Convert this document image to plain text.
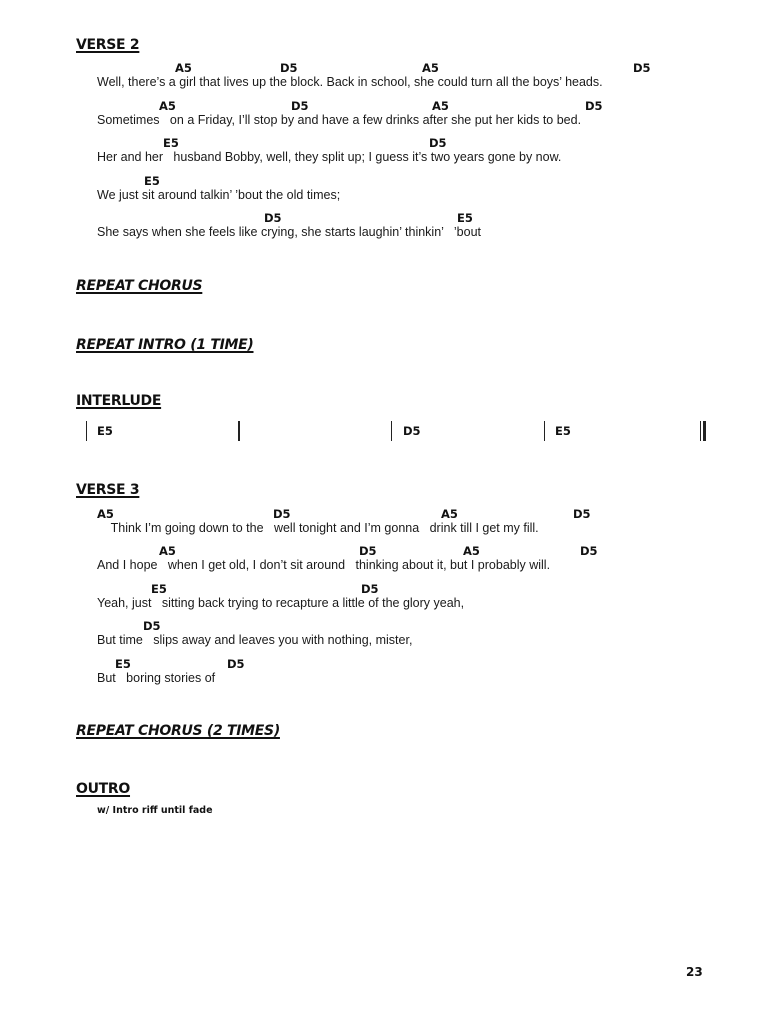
VERSE 2
A5	D5	A5	D5
Well, there’s a girl that lives up the block. Back in school, she could turn all the boys’ heads.
A5	D5	A5	D5
Sometimes   on a Friday, I’ll stop by and have a few drinks after she put her kids to bed.
E5	D5
Her and her   husband Bobby, well, they split up; I guess it’s two years gone by now.
E5
We just sit around talkin’ ’bout the old times;
D5	E5
She says when she feels like crying, she starts laughin’ thinkin’   ’bout
REPEAT CHORUS
REPEAT INTRO (1 TIME)
INTERLUDE
E5	D5	E5
VERSE 3
A5	D5	A5	D5
Think I’m going down to the   well tonight and I’m gonna   drink till I get my fill.
A5	D5	A5	D5
And I hope   when I get old, I don’t sit around   thinking about it, but I probably will.
E5	D5
Yeah, just   sitting back trying to recapture a little of the glory yeah,
D5
But time   slips away and leaves you with nothing, mister,
E5	D5
But   boring stories of
REPEAT CHORUS (2 TIMES)
OUTRO
w/ Intro riff until fade
23
